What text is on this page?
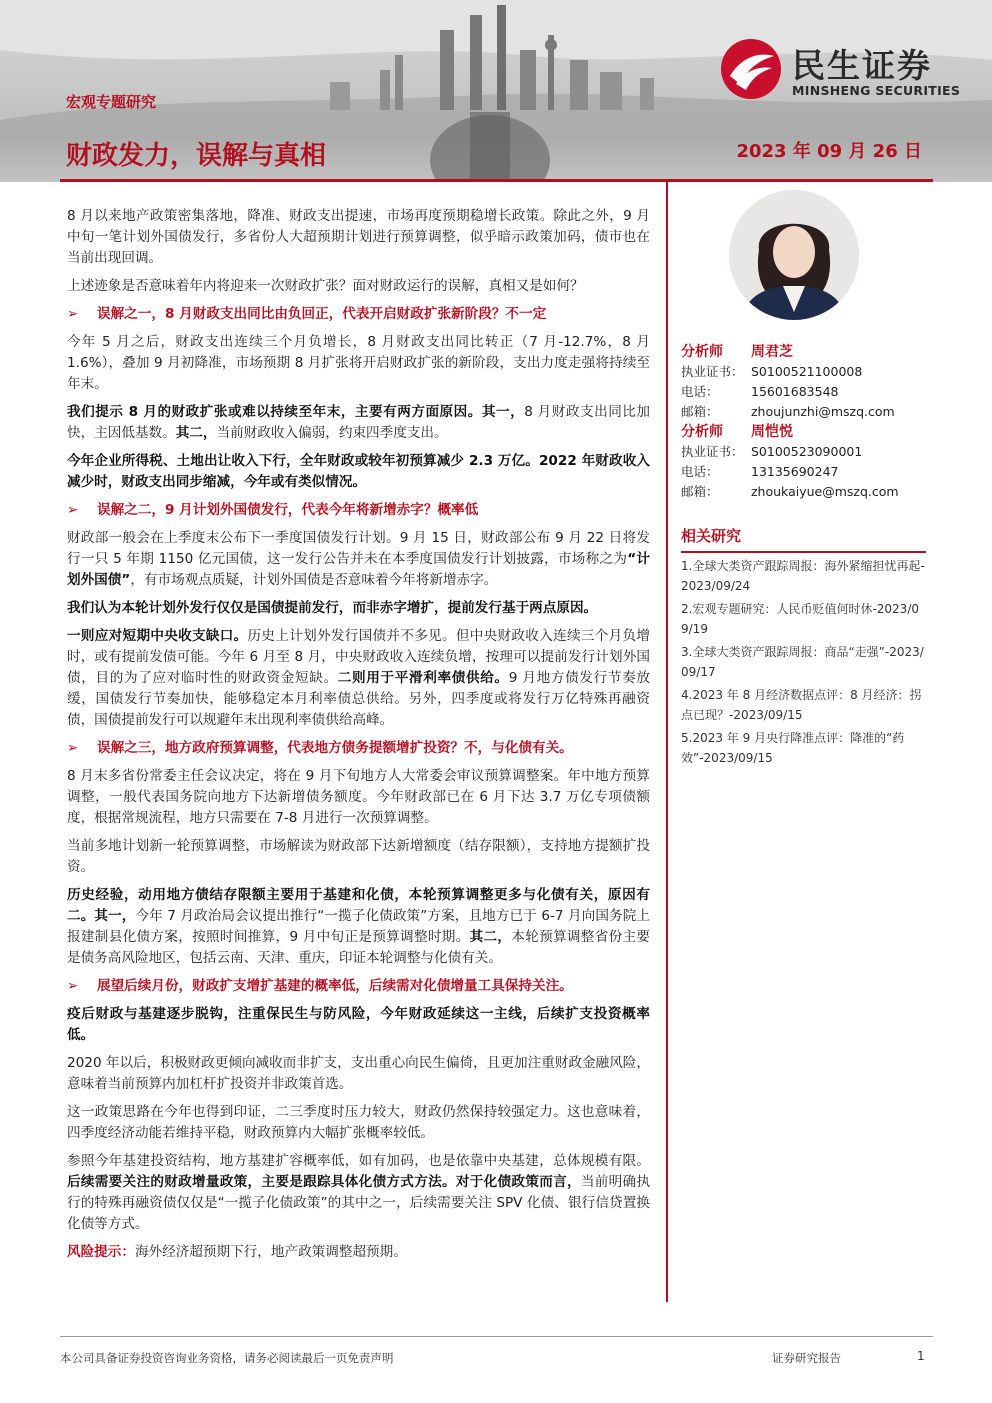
民生证券
MINSHENG SECURITIES
宏观专题研究
财政发力，误解与真相	2023 年 09 月 26 日

8 月以来地产政策密集落地，降准、财政支出提速，市场再度预期稳增长政策。除此之外，9 月中旬一笔计划外国债发行，多省份人大超预期计划进行预算调整，似乎暗示政策加码，债市也在当前出现回调。

上述迹象是否意味着年内将迎来一次财政扩张？面对财政运行的误解，真相又是如何？

➢ 误解之一，8 月财政支出同比由负回正，代表开启财政扩张新阶段？不一定

今年 5 月之后，财政支出连续三个月负增长，8 月财政支出同比转正（7 月-12.7%，8 月 1.6%），叠加 9 月初降准，市场预期 8 月扩张将开启财政扩张的新阶段，支出力度走强将持续至年末。

我们提示 8 月的财政扩张或难以持续至年末，主要有两方面原因。其一，8 月财政支出同比加快，主因低基数。其二，当前财政收入偏弱，约束四季度支出。

今年企业所得税、土地出让收入下行，全年财政或较年初预算减少 2.3 万亿。2022 年财政收入减少时，财政支出同步缩减，今年或有类似情况。

➢ 误解之二，9 月计划外国债发行，代表今年将新增赤字？概率低

财政部一般会在上季度末公布下一季度国债发行计划。9 月 15 日，财政部公布 9 月 22 日将发行一只 5 年期 1150 亿元国债，这一发行公告并未在本季度国债发行计划披露，市场称之为“计划外国债”，有市场观点质疑，计划外国债是否意味着今年将新增赤字。

我们认为本轮计划外发行仅仅是国债提前发行，而非赤字增扩，提前发行基于两点原因。

一则应对短期中央收支缺口。历史上计划外发行国债并不多见。但中央财政收入连续三个月负增时，或有提前发债可能。今年 6 月至 8 月，中央财政收入连续负增，按理可以提前发行计划外国债，目的为了应对临时性的财政资金短缺。二则用于平滑利率债供给。9 月地方债发行节奏放缓，国债发行节奏加快，能够稳定本月利率债总供给。另外，四季度或将发行万亿特殊再融资债，国债提前发行可以规避年末出现利率债供给高峰。

➢ 误解之三，地方政府预算调整，代表地方债务提额增扩投资？不，与化债有关。

8 月末多省份常委主任会议决定，将在 9 月下旬地方人大常委会审议预算调整案。年中地方预算调整，一般代表国务院向地方下达新增债务额度。今年财政部已在 6 月下达 3.7 万亿专项债额度，根据常规流程，地方只需要在 7-8 月进行一次预算调整。

当前多地计划新一轮预算调整，市场解读为财政部下达新增额度（结存限额），支持地方提额扩投资。

历史经验，动用地方债结存限额主要用于基建和化债，本轮预算调整更多与化债有关，原因有二。其一，今年 7 月政治局会议提出推行“一揽子化债政策”方案，且地方已于 6-7 月向国务院上报建制县化债方案，按照时间推算，9 月中旬正是预算调整时期。其二，本轮预算调整省份主要是债务高风险地区，包括云南、天津、重庆，印证本轮调整与化债有关。

➢ 展望后续月份，财政扩支增扩基建的概率低，后续需对化债增量工具保持关注。

疫后财政与基建逐步脱钩，注重保民生与防风险，今年财政延续这一主线，后续扩支投资概率低。

2020 年以后，积极财政更倾向减收而非扩支，支出重心向民生偏倚，且更加注重财政金融风险，意味着当前预算内加杠杆扩投资并非政策首选。

这一政策思路在今年也得到印证，二三季度时压力较大，财政仍然保持较强定力。这也意味着，四季度经济动能若维持平稳，财政预算内大幅扩张概率较低。

参照今年基建投资结构，地方基建扩容概率低，如有加码，也是依靠中央基建，总体规模有限。后续需要关注的财政增量政策，主要是跟踪具体化债方式方法。对于化债政策而言，当前明确执行的特殊再融资债仅仅是“一揽子化债政策”的其中之一，后续需要关注 SPV 化债、银行信贷置换化债等方式。

风险提示：海外经济超预期下行，地产政策调整超预期。

分析师 周君芝
执业证书： S0100521100008
电话：	15601683548
邮箱：	zhoujunzhi@mszq.com
分析师 周恺悦
执业证书： S0100523090001
电话：	13135690247
邮箱：	zhoukaiyue@mszq.com
相关研究

1.全球大类资产跟踪周报：海外紧缩担忧再起-2023/09/24

2.宏观专题研究：人民币贬值何时休-2023/09/19

3.全球大类资产跟踪周报：商品“走强”-2023/09/17

4.2023 年 8 月经济数据点评：8 月经济：拐点已现？-2023/09/15

5.2023 年 9 月央行降准点评：降准的“药效”-2023/09/15

本公司具备证券投资咨询业务资格，请务必阅读最后一页免责声明	证券研究报告	1
